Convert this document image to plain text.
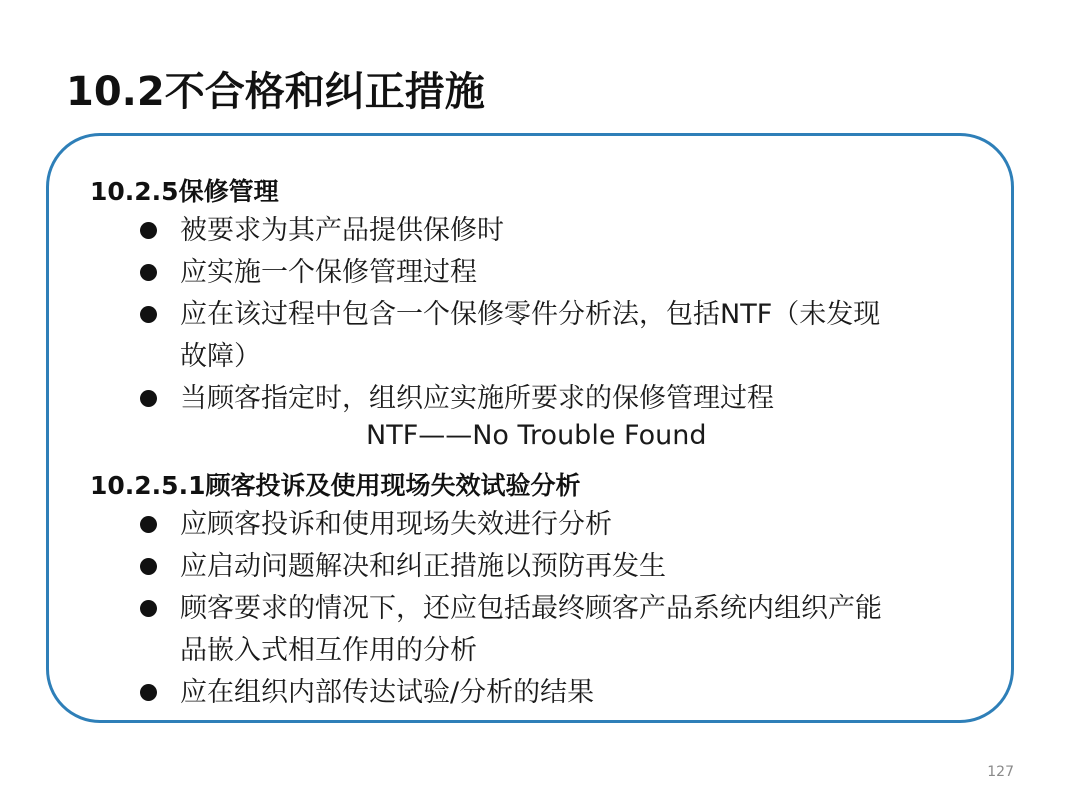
10.2不合格和纠正措施
10.2.5保修管理
被要求为其产品提供保修时
应实施一个保修管理过程
应在该过程中包含一个保修零件分析法，包括NTF（未发现
故障）
当顾客指定时，组织应实施所要求的保修管理过程
NTF——No Trouble Found
10.2.5.1顾客投诉及使用现场失效试验分析
应顾客投诉和使用现场失效进行分析
应启动问题解决和纠正措施以预防再发生
顾客要求的情况下，还应包括最终顾客产品系统内组织产能
品嵌入式相互作用的分析
应在组织内部传达试验/分析的结果
127
